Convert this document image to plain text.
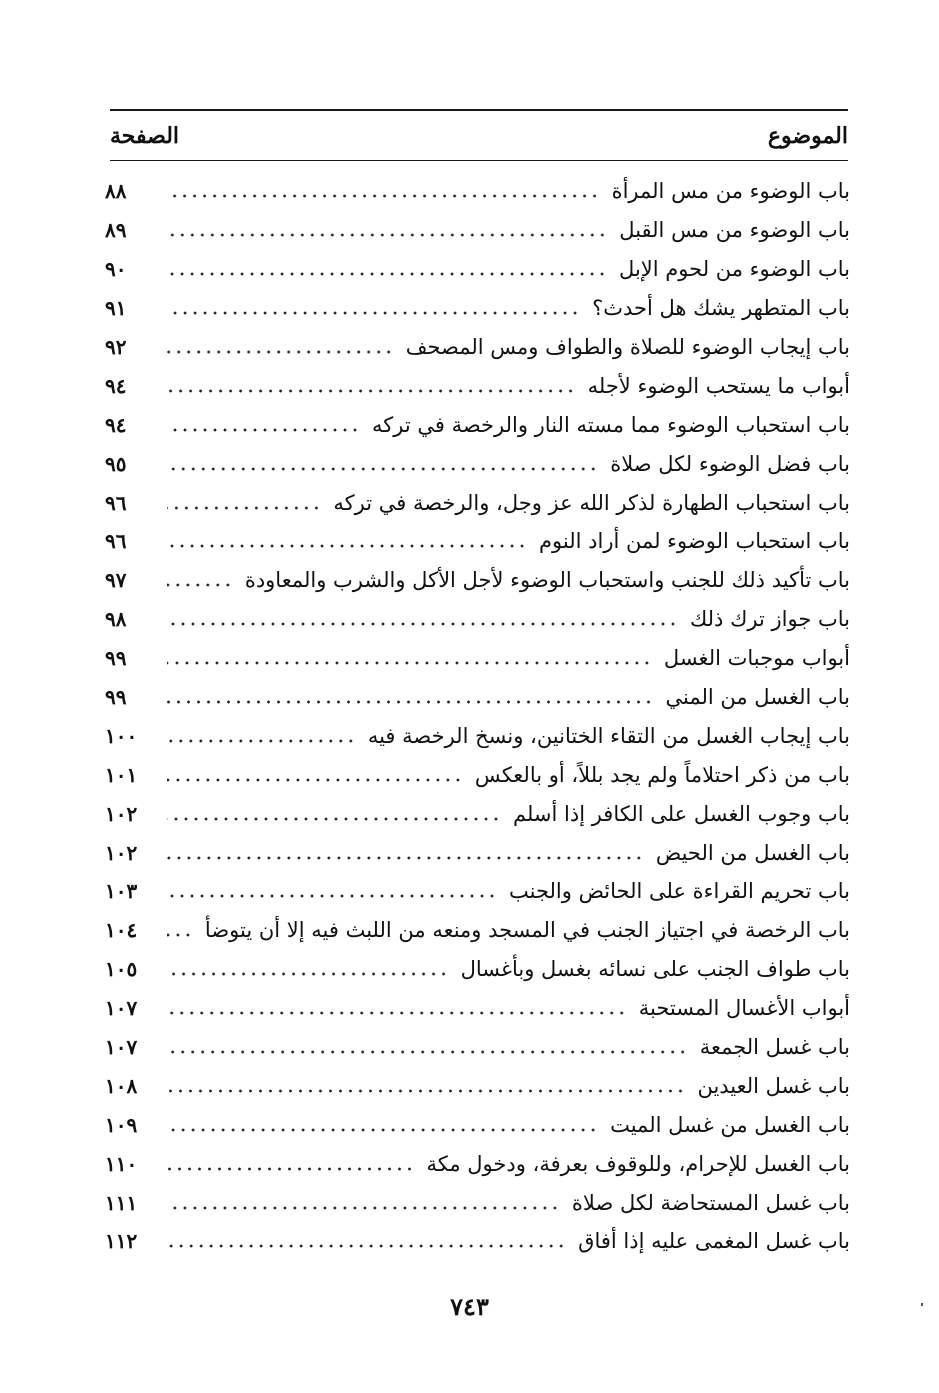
الموضوع
الصفحة
باب الوضوء من مس المرأة
٨٨
باب الوضوء من مس القبل
٨٩
باب الوضوء من لحوم الإبل
٩٠
باب المتطهر يشك هل أحدث؟
٩١
باب إيجاب الوضوء للصلاة والطواف ومس المصحف
٩٢
أبواب ما يستحب الوضوء لأجله
٩٤
باب استحباب الوضوء مما مسته النار والرخصة في تركه
٩٤
باب فضل الوضوء لكل صلاة
٩٥
باب استحباب الطهارة لذكر الله عز وجل، والرخصة في تركه
٩٦
باب استحباب الوضوء لمن أراد النوم
٩٦
باب تأكيد ذلك للجنب واستحباب الوضوء لأجل الأكل والشرب والمعاودة
٩٧
باب جواز ترك ذلك
٩٨
أبواب موجبات الغسل
٩٩
باب الغسل من المني
٩٩
باب إيجاب الغسل من التقاء الختانين، ونسخ الرخصة فيه
١٠٠
باب من ذكر احتلاماً ولم يجد بللاً، أو بالعكس
١٠١
باب وجوب الغسل على الكافر إذا أسلم
١٠٢
باب الغسل من الحيض
١٠٢
باب تحريم القراءة على الحائض والجنب
١٠٣
باب الرخصة في اجتياز الجنب في المسجد ومنعه من اللبث فيه إلا أن يتوضأ
١٠٤
باب طواف الجنب على نسائه بغسل وبأغسال
١٠٥
أبواب الأغسال المستحبة
١٠٧
باب غسل الجمعة
١٠٧
باب غسل العيدين
١٠٨
باب الغسل من غسل الميت
١٠٩
باب الغسل للإحرام، وللوقوف بعرفة، ودخول مكة
١١٠
باب غسل المستحاضة لكل صلاة
١١١
باب غسل المغمى عليه إذا أفاق
١١٢
٧٤٣
